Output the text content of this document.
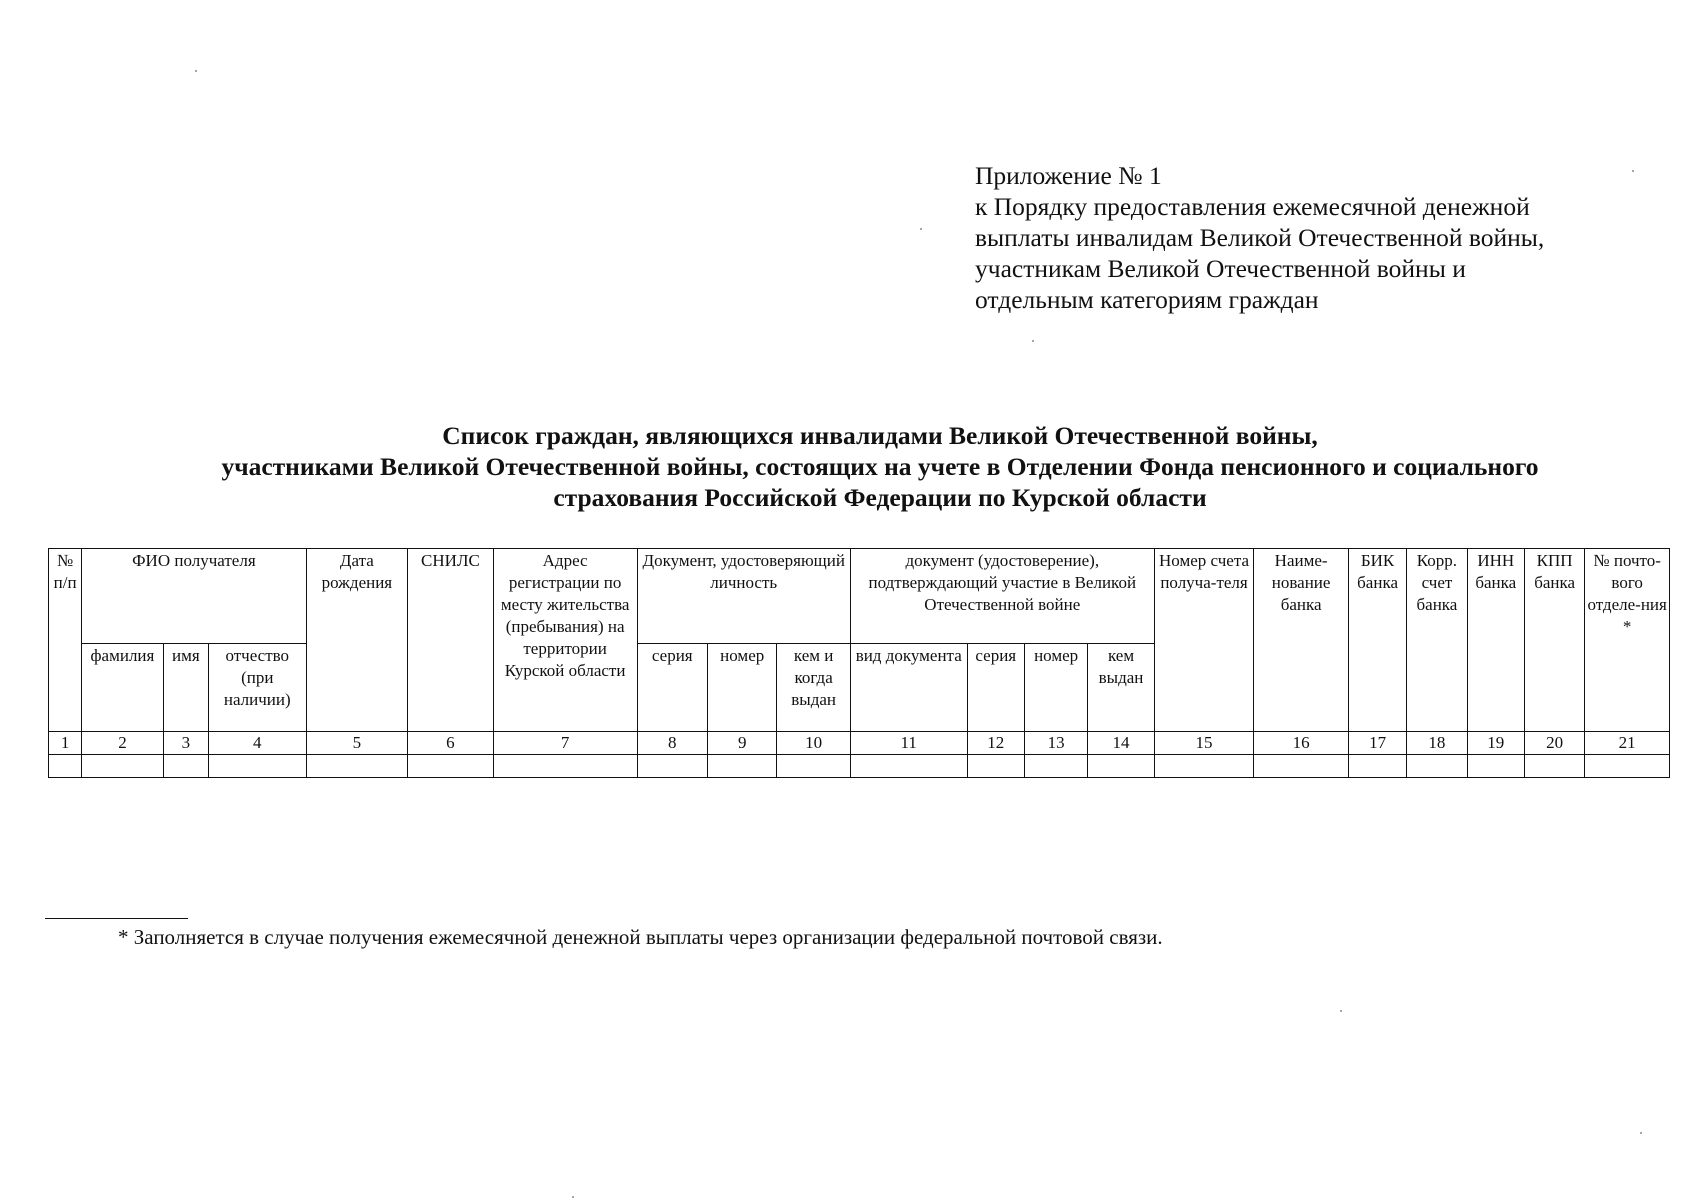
Приложение № 1
к Порядку предоставления ежемесячной денежной
выплаты инвалидам Великой Отечественной войны,
участникам Великой Отечественной войны и
отдельным категориям граждан
Список граждан, являющихся инвалидами Великой Отечественной войны,
участниками Великой Отечественной войны, состоящих на учете в Отделении Фонда пенсионного и социального
страхования Российской Федерации по Курской области
№ п/п	ФИО получателя			Дата рождения	СНИЛС	Адрес регистрации по месту жительства (пребывания) на территории Курской области	Документ, удостоверяющий личность			документ (удостоверение), подтверждающий участие в Великой Отечественной войне				Номер счета получа-теля	Наиме-нование банка	БИК банка	Корр. счет банка	ИНН банка	КПП банка	№ почто-вого отделе-ния *
	фамилия	имя	отчество (при наличии)				серия	номер	кем и когда выдан	вид документа	серия	номер	кем выдан							
1	2	3	4	5	6	7	8	9	10	11	12	13	14	15	16	17	18	19	20	21

* Заполняется в случае получения ежемесячной денежной выплаты через организации федеральной почтовой связи.
